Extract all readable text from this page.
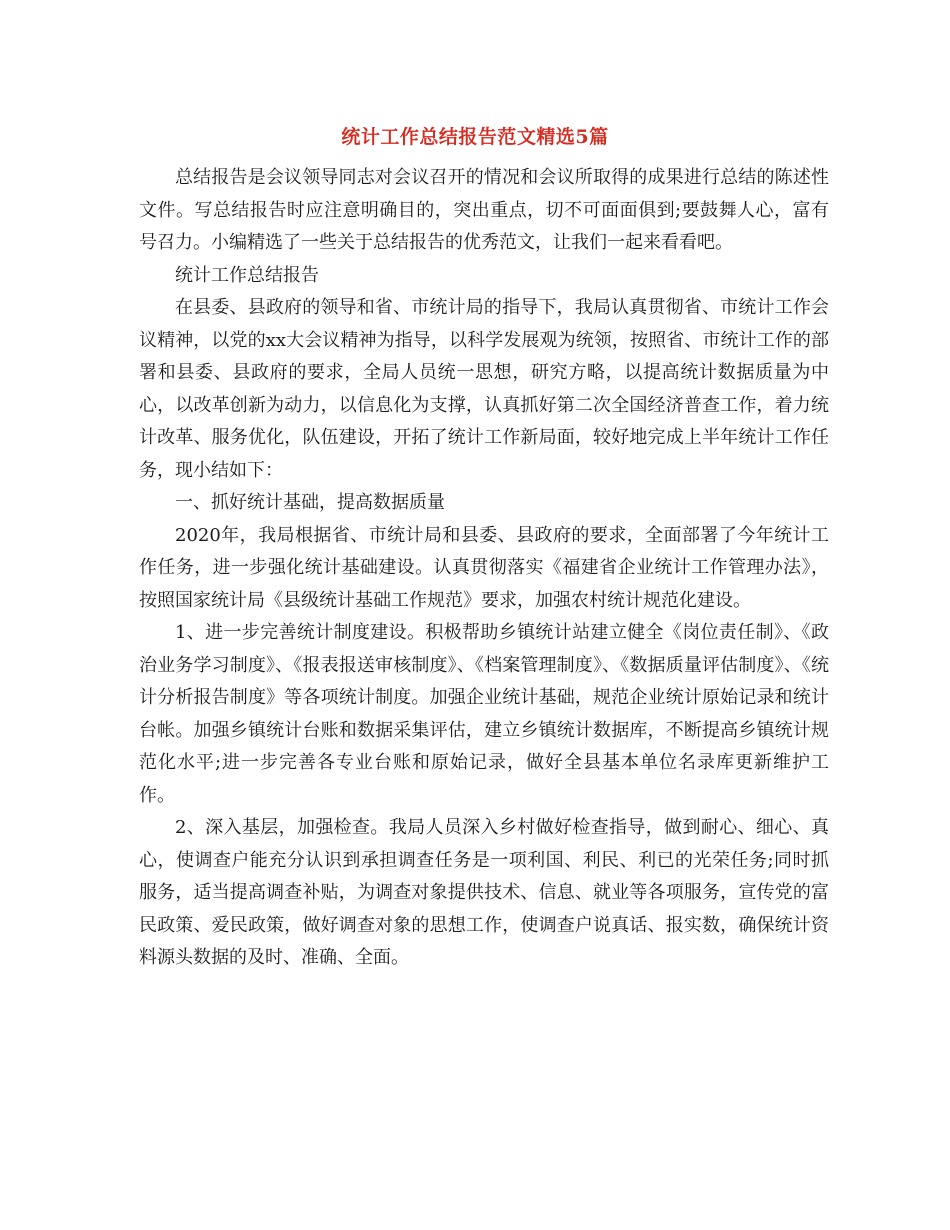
统计工作总结报告范文精选5篇

总结报告是会议领导同志对会议召开的情况和会议所取得的成果进行总结的陈述性文件。写总结报告时应注意明确目的，突出重点，切不可面面俱到;要鼓舞人心，富有号召力。小编精选了一些关于总结报告的优秀范文，让我们一起来看看吧。

统计工作总结报告

在县委、县政府的领导和省、市统计局的指导下，我局认真贯彻省、市统计工作会议精神，以党的xx大会议精神为指导，以科学发展观为统领，按照省、市统计工作的部署和县委、县政府的要求，全局人员统一思想，研究方略，以提高统计数据质量为中心，以改革创新为动力，以信息化为支撑，认真抓好第二次全国经济普查工作，着力统计改革、服务优化，队伍建设，开拓了统计工作新局面，较好地完成上半年统计工作任务，现小结如下：

一、抓好统计基础，提高数据质量

2020年，我局根据省、市统计局和县委、县政府的要求，全面部署了今年统计工作任务，进一步强化统计基础建设。认真贯彻落实《福建省企业统计工作管理办法》，按照国家统计局《县级统计基础工作规范》要求，加强农村统计规范化建设。

1、进一步完善统计制度建设。积极帮助乡镇统计站建立健全《岗位责任制》、《政治业务学习制度》、《报表报送审核制度》、《档案管理制度》、《数据质量评估制度》、《统计分析报告制度》等各项统计制度。加强企业统计基础，规范企业统计原始记录和统计台帐。加强乡镇统计台账和数据采集评估，建立乡镇统计数据库，不断提高乡镇统计规范化水平;进一步完善各专业台账和原始记录，做好全县基本单位名录库更新维护工作。

2、深入基层，加强检查。我局人员深入乡村做好检查指导，做到耐心、细心、真心，使调查户能充分认识到承担调查任务是一项利国、利民、利已的光荣任务;同时抓服务，适当提高调查补贴，为调查对象提供技术、信息、就业等各项服务，宣传党的富民政策、爱民政策，做好调查对象的思想工作，使调查户说真话、报实数，确保统计资料源头数据的及时、准确、全面。
